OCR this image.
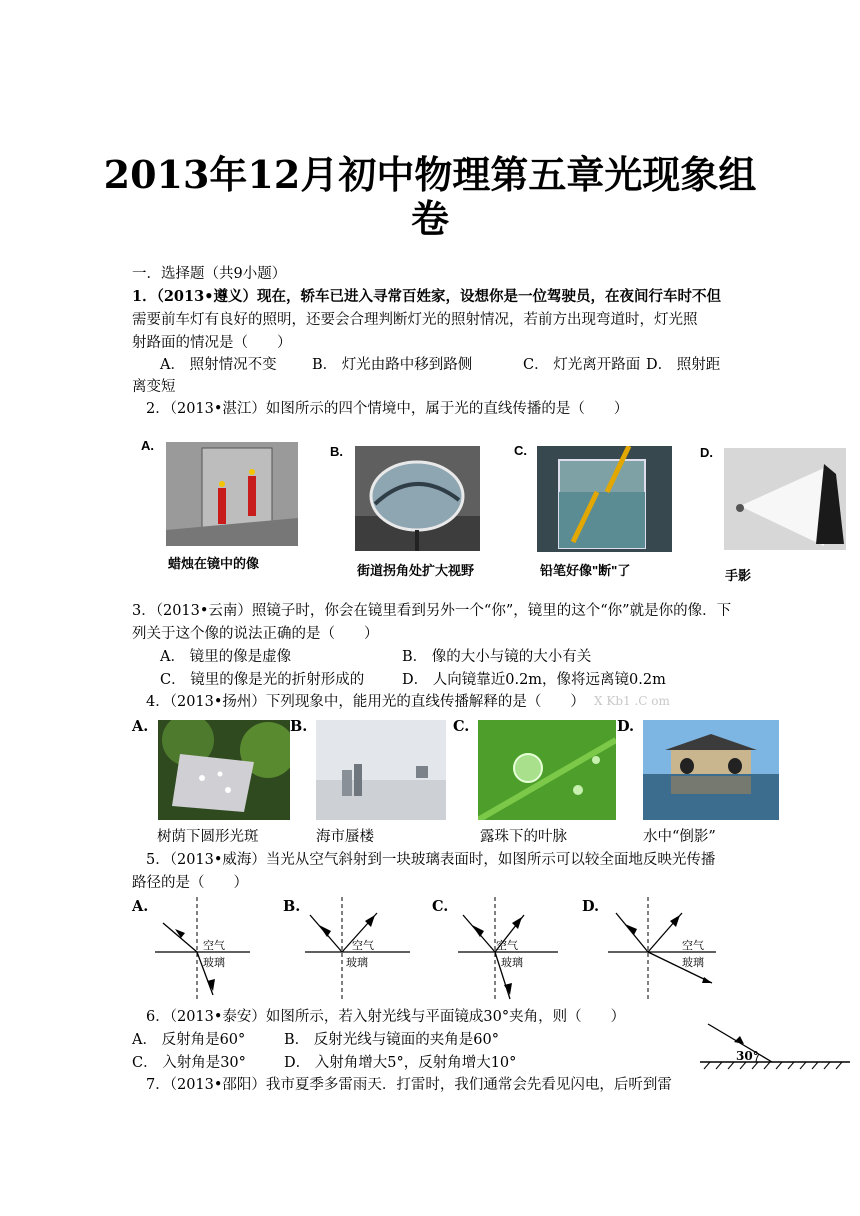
2013年12月初中物理第五章光现象组
卷
一．选择题（共9小题）
1．（2013•遵义）现在，轿车已进入寻常百姓家，设想你是一位驾驶员，在夜间行车时不但
需要前车灯有良好的照明，还要会合理判断灯光的照射情况，若前方出现弯道时，灯光照
射路面的情况是（　　）
A． 照射情况不变 B． 灯光由路中移到路侧	C． 灯光离开路面 D． 照射距
离变短
2．（2013•湛江）如图所示的四个情境中，属于光的直线传播的是（　　）
A.
蜡烛在镜中的像
B.
街道拐角处扩大视野
C.
铅笔好像"断"了
D.
手影
3．（2013•云南）照镜子时，你会在镜里看到另外一个“你”，镜里的这个“你”就是你的像．下
列关于这个像的说法正确的是（　　）
A． 镜里的像是虚像	B． 像的大小与镜的大小有关
C． 镜里的像是光的折射形成的	D． 人向镜靠近0.2m，像将远离镜0.2m
4．（2013•扬州）下列现象中，能用光的直线传播解释的是（　　） X Kb1 .C om
A.
树荫下圆形光斑
B.
海市蜃楼
C.
露珠下的叶脉
D.
水中“倒影”
5．（2013•威海）当光从空气斜射到一块玻璃表面时，如图所示可以较全面地反映光传播
路径的是（　　）
A.
空气
玻璃
B.
空气
玻璃
C.
空气
玻璃
D.
空气
玻璃
6．（2013•泰安）如图所示，若入射光线与平面镜成30°夹角，则（　　）
A． 反射角是60°	B． 反射光线与镜面的夹角是60°
C． 入射角是30°	D． 入射角增大5°，反射角增大10°	30°
7．（2013•邵阳）我市夏季多雷雨天．打雷时，我们通常会先看见闪电，后听到雷
